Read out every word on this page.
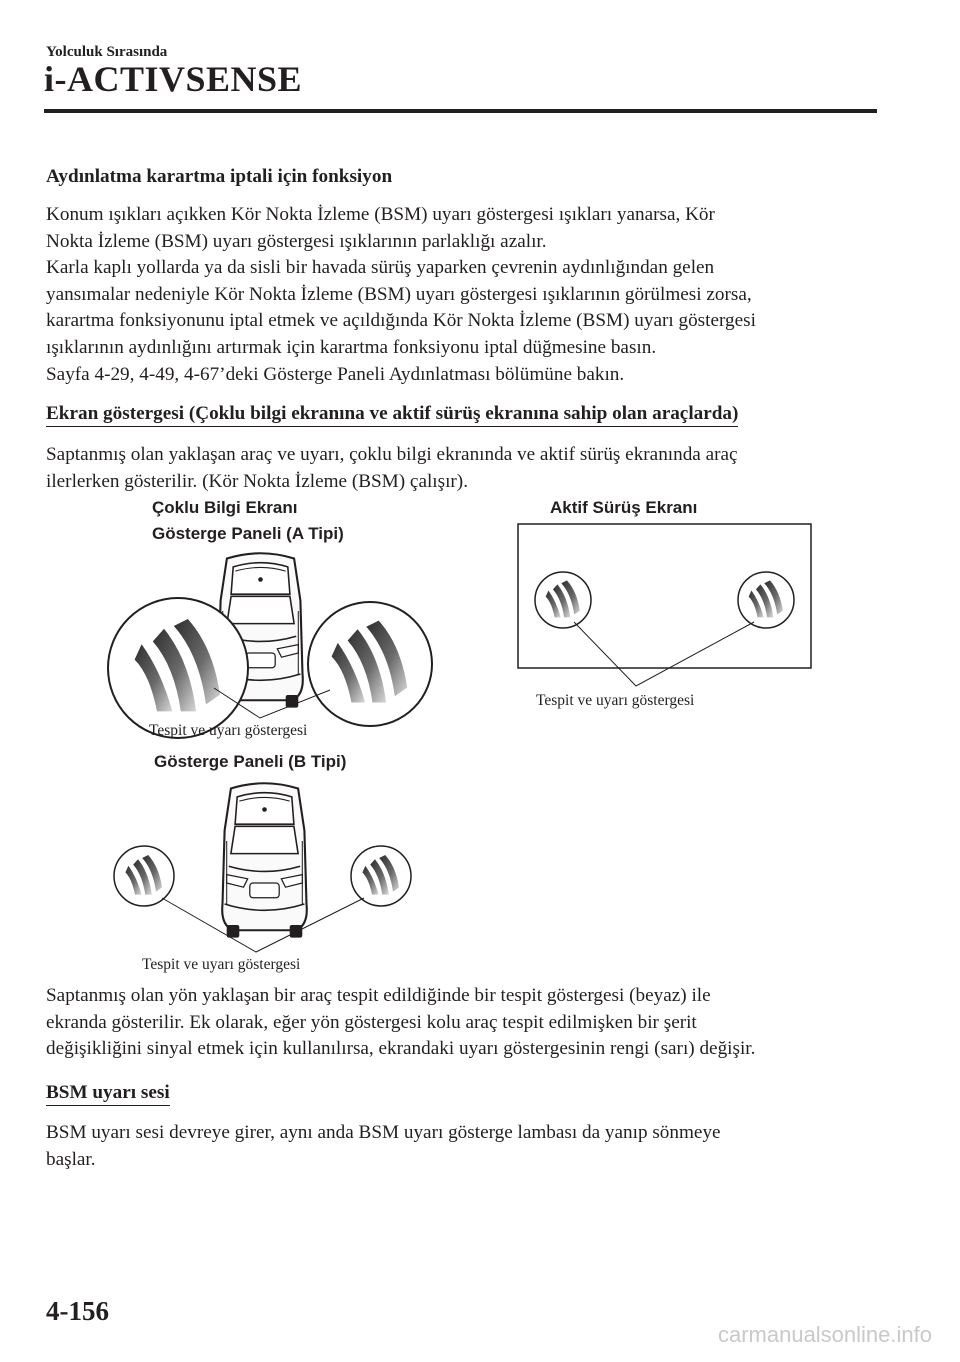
Yolculuk Sırasında
i-ACTIVSENSE
Aydınlatma karartma iptali için fonksiyon

Konum ışıkları açıkken Kör Nokta İzleme (BSM) uyarı göstergesi ışıkları yanarsa, Kör

Nokta İzleme (BSM) uyarı göstergesi ışıklarının parlaklığı azalır.

Karla kaplı yollarda ya da sisli bir havada sürüş yaparken çevrenin aydınlığından gelen

yansımalar nedeniyle Kör Nokta İzleme (BSM) uyarı göstergesi ışıklarının görülmesi zorsa,

karartma fonksiyonunu iptal etmek ve açıldığında Kör Nokta İzleme (BSM) uyarı göstergesi

ışıklarının aydınlığını artırmak için karartma fonksiyonu iptal düğmesine basın.

Sayfa 4-29, 4-49, 4-67’deki Gösterge Paneli Aydınlatması bölümüne bakın.

Ekran göstergesi (Çoklu bilgi ekranına ve aktif sürüş ekranına sahip olan araçlarda)

Saptanmış olan yaklaşan araç ve uyarı, çoklu bilgi ekranında ve aktif sürüş ekranında araç

ilerlerken gösterilir. (Kör Nokta İzleme (BSM) çalışır).

Çoklu Bilgi Ekranı
Gösterge Paneli (A Tipi)
Aktif Sürüş Ekranı
Tespit ve uyarı göstergesi
Tespit ve uyarı göstergesi
Gösterge Paneli (B Tipi)
Tespit ve uyarı göstergesi

Saptanmış olan yön yaklaşan bir araç tespit edildiğinde bir tespit göstergesi (beyaz) ile

ekranda gösterilir. Ek olarak, eğer yön göstergesi kolu araç tespit edilmişken bir şerit

değişikliğini sinyal etmek için kullanılırsa, ekrandaki uyarı göstergesinin rengi (sarı) değişir.

BSM uyarı sesi

BSM uyarı sesi devreye girer, aynı anda BSM uyarı gösterge lambası da yanıp sönmeye

başlar.

4-156
carmanualsonline.info
